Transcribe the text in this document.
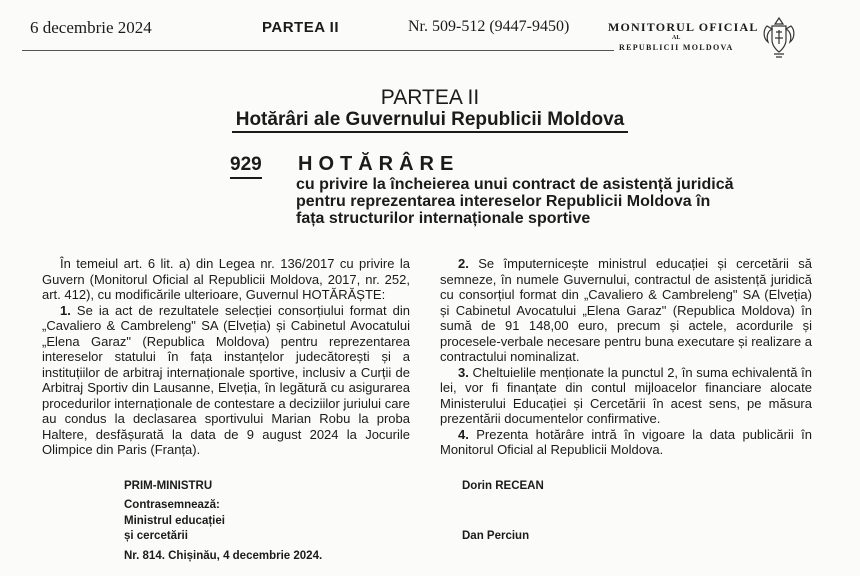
6 decembrie 2024	PARTEA II	Nr. 509-512 (9447-9450)	MONITORUL OFICIAL
AL
REPUBLICII MOLDOVA
PARTEA II
Hotărâri ale Guvernului Republicii Moldova
929 HOTĂRÂRE
cu privire la încheierea unui contract de asistență juridică pentru reprezentarea intereselor Republicii Moldova în fața structurilor internaționale sportive

În temeiul art. 6 lit. a) din Legea nr. 136/2017 cu privire la Guvern (Monitorul Oficial al Republicii Moldova, 2017, nr. 252, art. 412), cu modificările ulterioare, Guvernul HOTĂRĂȘTE:

1. Se ia act de rezultatele selecției consorțiului format din „Cavaliero & Cambreleng" SA (Elveția) și Cabinetul Avocatului „Elena Garaz" (Republica Moldova) pentru reprezentarea intereselor statului în fața instanțelor judecătorești și a instituțiilor de arbitraj internaționale sportive, inclusiv a Curții de Arbitraj Sportiv din Lausanne, Elveția, în legătură cu asigurarea procedurilor internaționale de contestare a deciziilor juriului care au condus la declasarea sportivului Marian Robu la proba Haltere, desfășurată la data de 9 august 2024 la Jocurile Olimpice din Paris (Franța).

2. Se împuternicește ministrul educației și cercetării să semneze, în numele Guvernului, contractul de asistență juridică cu consorțiul format din „Cavaliero & Cambreleng" SA (Elveția) și Cabinetul Avocatului „Elena Garaz" (Republica Moldova) în sumă de 91 148,00 euro, precum și actele, acordurile și procesele-verbale necesare pentru buna executare și realizare a contractului nominalizat.

3. Cheltuielile menționate la punctul 2, în suma echivalentă în lei, vor fi finanțate din contul mijloacelor financiare alocate Ministerului Educației și Cercetării în acest sens, pe măsura prezentării documentelor confirmative.

4. Prezenta hotărâre intră în vigoare la data publicării în Monitorul Oficial al Republicii Moldova.

PRIM-MINISTRU	Dorin RECEAN
Contrasemnează:
Ministrul educației
și cercetării	Dan Perciun
Nr. 814. Chișinău, 4 decembrie 2024.
